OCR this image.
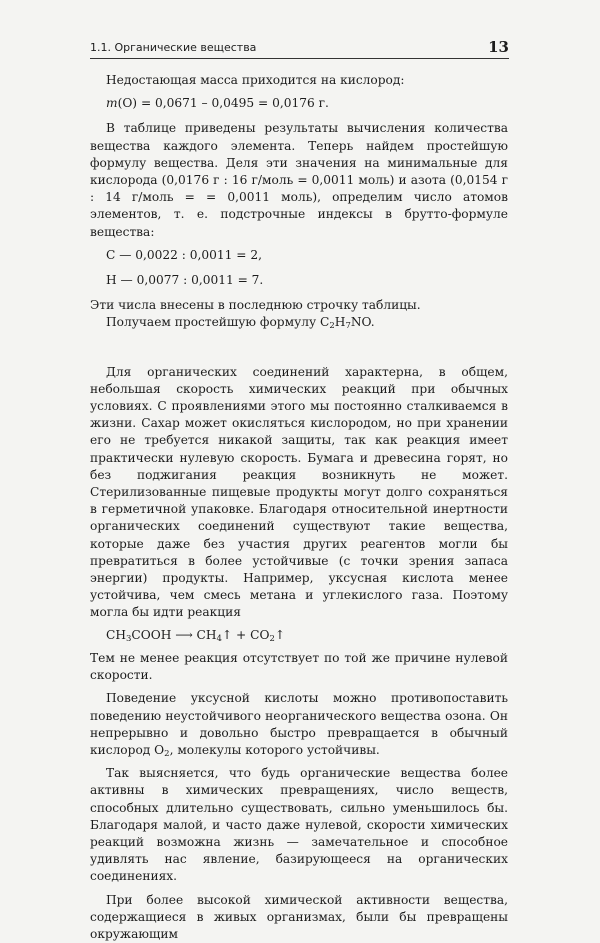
1.1. Органические вещества	13

Недостающая масса приходится на кислород:

m(O) = 0,0671 – 0,0495 = 0,0176 г.

В таблице приведены результаты вычисления количества вещества каждого элемента. Теперь найдем простейшую формулу вещества. Деля эти значения на минимальные для кислорода (0,0176 г : 16 г/моль = 0,0011 моль) и азота (0,0154 г : 14 г/моль = = 0,0011 моль), определим число атомов элементов, т. е. подстрочные индексы в брутто-формуле вещества:

C — 0,0022 : 0,0011 = 2,
H — 0,0077 : 0,0011 = 7.

Эти числа внесены в последнюю строчку таблицы.

Получаем простейшую формулу $C_2H_7NO$.

Для органических соединений характерна, в общем, небольшая скорость химических реакций при обычных условиях. С проявлениями этого мы постоянно сталкиваемся в жизни. Сахар может окисляться кислородом, но при хранении его не требуется никакой защиты, так как реакция имеет практически нулевую скорость. Бумага и древесина горят, но без поджигания реакция возникнуть не может. Стерилизованные пищевые продукты могут долго сохраняться в герметичной упаковке. Благодаря относительной инертности органических соединений существуют такие вещества, которые даже без участия других реагентов могли бы превратиться в более устойчивые (с точки зрения запаса энергии) продукты. Например, уксусная кислота менее устойчива, чем смесь метана и углекислого газа. Поэтому могла бы идти реакция

$CH_3COOH$ ⟶ $CH_4↑$ + $CO_2↑$

Тем не менее реакция отсутствует по той же причине нулевой скорости.

Поведение уксусной кислоты можно противопоставить поведению неустойчивого неорганического вещества озона. Он непрерывно и довольно быстро превращается в обычный кислород $O_2$, молекулы которого устойчивы.

Так выясняется, что будь органические вещества более активны в химических превращениях, число веществ, способных длительно существовать, сильно уменьшилось бы. Благодаря малой, и часто даже нулевой, скорости химических реакций возможна жизнь — замечательное и способное удивлять нас явление, базирующееся на органических соединениях.

При более высокой химической активности вещества, содержащиеся в живых организмах, были бы превращены окружающим
